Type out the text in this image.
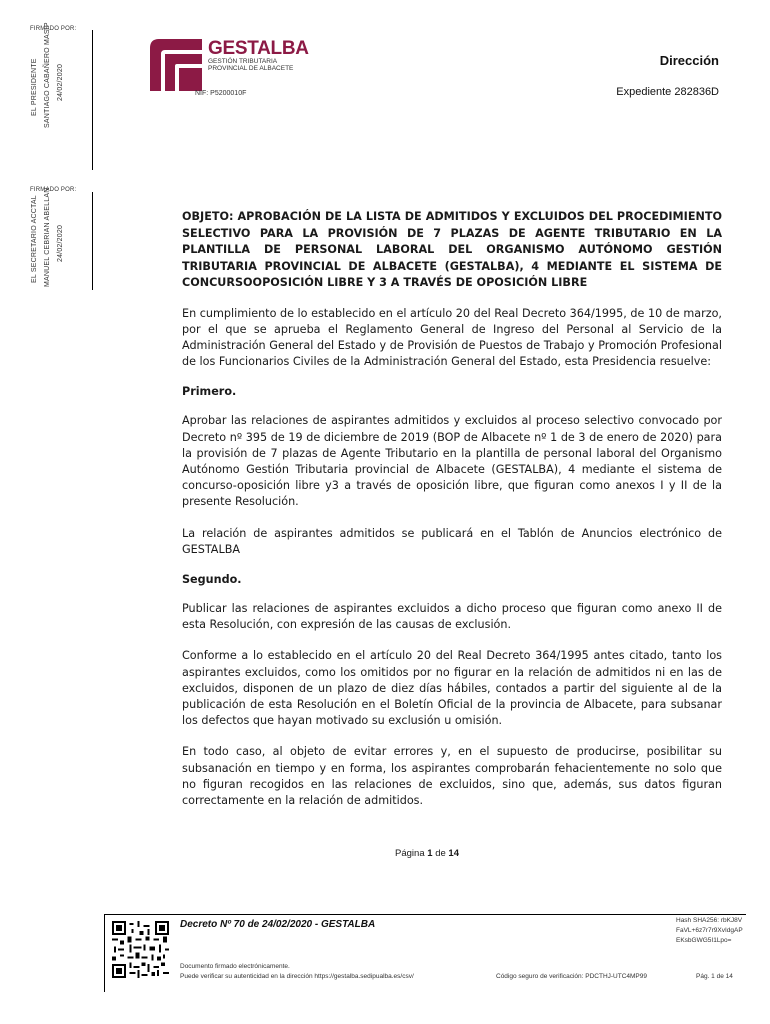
FIRMADO POR:
EL PRESIDENTE SANTIAGO CABAÑERO MASIP 24/02/2020
FIRMADO POR:
EL SECRETARIO ACCTAL MANUEL CEBRIAN ABELLAN 24/02/2020
GESTALBA
GESTIÓN TRIBUTARIA
PROVINCIAL DE ALBACETE
NIF: P5200010F
Dirección
Expediente 282836D

OBJETO: APROBACIÓN DE LA LISTA DE ADMITIDOS Y EXCLUIDOS DEL PROCEDIMIENTO SELECTIVO PARA LA PROVISIÓN DE 7 PLAZAS DE AGENTE TRIBUTARIO EN LA PLANTILLA DE PERSONAL LABORAL DEL ORGANISMO AUTÓNOMO GESTIÓN TRIBUTARIA PROVINCIAL DE ALBACETE (GESTALBA), 4 MEDIANTE EL SISTEMA DE CONCURSOOPOSICIÓN LIBRE Y 3 A TRAVÉS DE OPOSICIÓN LIBRE

En cumplimiento de lo establecido en el artículo 20 del Real Decreto 364/1995, de 10 de marzo, por el que se aprueba el Reglamento General de Ingreso del Personal al Servicio de la Administración General del Estado y de Provisión de Puestos de Trabajo y Promoción Profesional de los Funcionarios Civiles de la Administración General del Estado, esta Presidencia resuelve:

Primero.

Aprobar las relaciones de aspirantes admitidos y excluidos al proceso selectivo convocado por Decreto nº 395 de 19 de diciembre de 2019 (BOP de Albacete nº 1 de 3 de enero de 2020) para la provisión de 7 plazas de Agente Tributario en la plantilla de personal laboral del Organismo Autónomo Gestión Tributaria provincial de Albacete (GESTALBA), 4 mediante el sistema de concurso-oposición libre y3 a través de oposición libre, que figuran como anexos I y II de la presente Resolución.

La relación de aspirantes admitidos se publicará en el Tablón de Anuncios electrónico de GESTALBA

Segundo.

Publicar las relaciones de aspirantes excluidos a dicho proceso que figuran como anexo II de esta Resolución, con expresión de las causas de exclusión.

Conforme a lo establecido en el artículo 20 del Real Decreto 364/1995 antes citado, tanto los aspirantes excluidos, como los omitidos por no figurar en la relación de admitidos ni en las de excluidos, disponen de un plazo de diez días hábiles, contados a partir del siguiente al de la publicación de esta Resolución en el Boletín Oficial de la provincia de Albacete, para subsanar los defectos que hayan motivado su exclusión u omisión.

En todo caso, al objeto de evitar errores y, en el supuesto de producirse, posibilitar su subsanación en tiempo y en forma, los aspirantes comprobarán fehacientemente no solo que no figuran recogidos en las relaciones de excluidos, sino que, además, sus datos figuran correctamente en la relación de admitidos.

Página 1 de 14
Decreto Nº 70 de 24/02/2020 - GESTALBA	Hash SHA256: rbKJ8VFaVL+6z7r7r9XvIdgAPEKsbGWG5I1Lpo=
Documento firmado electrónicamente.
Puede verificar su autenticidad en la dirección https://gestalba.sedipualba.es/csv/	Código seguro de verificación: PDCTHJ-UTC4MP99	Pág. 1 de 14
